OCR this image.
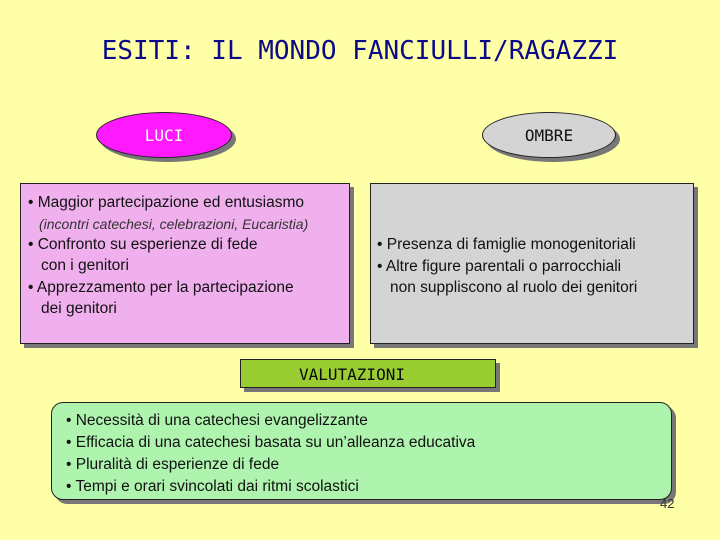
ESITI: IL MONDO FANCIULLI/RAGAZZI
LUCI	OMBRE
• Maggior partecipazione ed entusiasmo
(incontri catechesi, celebrazioni, Eucaristia)
• Confronto su esperienze di fede
con i genitori
• Apprezzamento per la partecipazione
dei genitori
• Presenza di famiglie monogenitoriali
• Altre figure parentali o parrocchiali
non suppliscono al ruolo dei genitori
VALUTAZIONI
• Necessità di una catechesi evangelizzante
• Efficacia di una catechesi basata su un’alleanza educativa
• Pluralità di esperienze di fede
• Tempi e orari svincolati dai ritmi scolastici
42
